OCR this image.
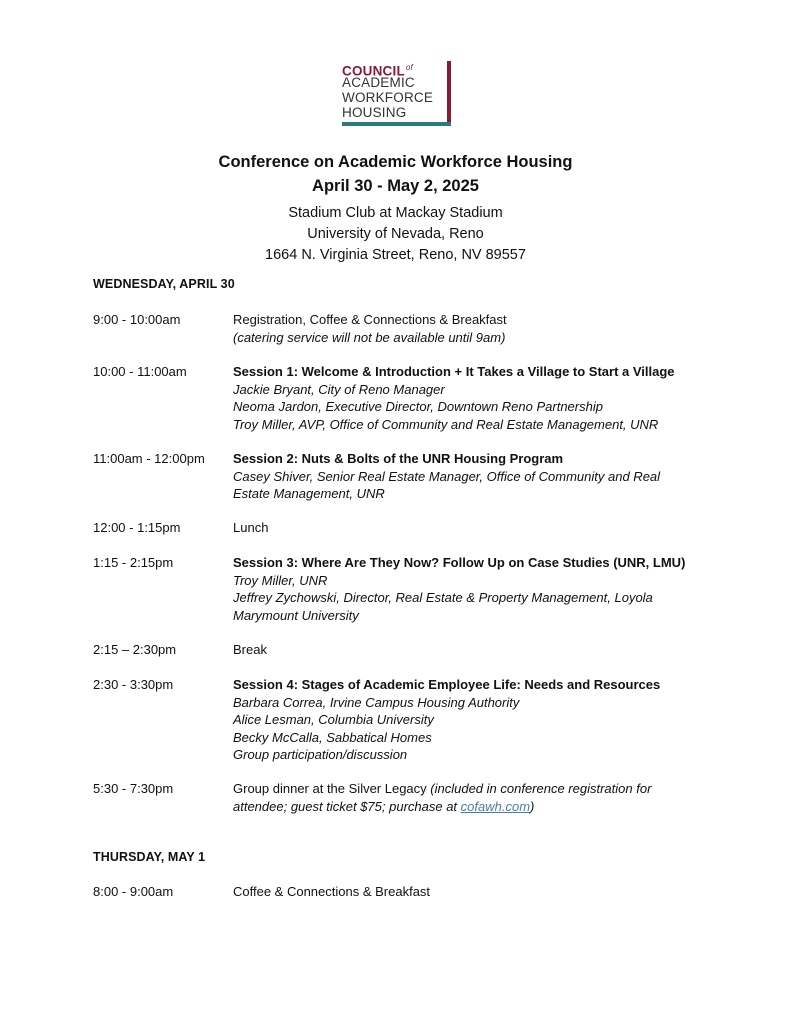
$COUNCIL^{of}$
ACADEMIC
WORKFORCE
HOUSING
Conference on Academic Workforce Housing
April 30 - May 2, 2025
Stadium Club at Mackay Stadium
University of Nevada, Reno
1664 N. Virginia Street, Reno, NV 89557
WEDNESDAY, APRIL 30
9:00 - 10:00am	Registration, Coffee & Connections & Breakfast
(catering service will not be available until 9am)
10:00 - 11:00am	Session 1: Welcome & Introduction + It Takes a Village to Start a Village
Jackie Bryant, City of Reno Manager
Neoma Jardon, Executive Director, Downtown Reno Partnership
Troy Miller, AVP, Office of Community and Real Estate Management, UNR
11:00am - 12:00pm	Session 2: Nuts & Bolts of the UNR Housing Program
Casey Shiver, Senior Real Estate Manager, Office of Community and Real
Estate Management, UNR
12:00 - 1:15pm	Lunch
1:15 - 2:15pm	Session 3: Where Are They Now? Follow Up on Case Studies (UNR, LMU)
Troy Miller, UNR
Jeffrey Zychowski, Director, Real Estate & Property Management, Loyola
Marymount University
2:15 – 2:30pm	Break
2:30 - 3:30pm	Session 4: Stages of Academic Employee Life: Needs and Resources
Barbara Correa, Irvine Campus Housing Authority
Alice Lesman, Columbia University
Becky McCalla, Sabbatical Homes
Group participation/discussion
5:30 - 7:30pm	Group dinner at the Silver Legacy (included in conference registration for
attendee; guest ticket $75; purchase at cofawh.com)
THURSDAY, MAY 1
8:00 - 9:00am	Coffee & Connections & Breakfast
